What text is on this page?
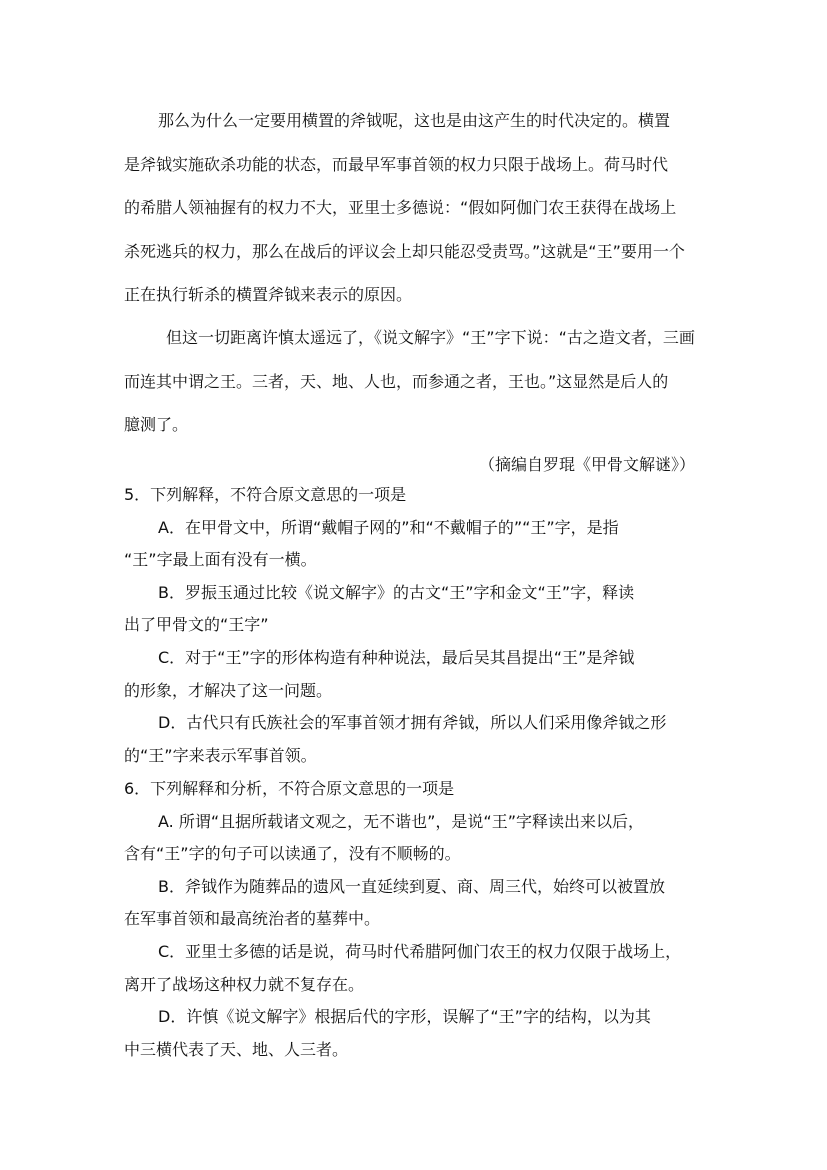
那么为什么一定要用横置的斧钺呢，这也是由这产生的时代决定的。横置
是斧钺实施砍杀功能的状态，而最早军事首领的权力只限于战场上。荷马时代
的希腊人领袖握有的权力不大，亚里士多德说：“假如阿伽门农王获得在战场上
杀死逃兵的权力，那么在战后的评议会上却只能忍受责骂。”这就是“王”要用一个
正在执行斩杀的横置斧钺来表示的原因。
但这一切距离许慎太遥远了，《说文解字》“王”字下说：“古之造文者，三画
而连其中谓之王。三者，天、地、人也，而参通之者，王也。”这显然是后人的
臆测了。
（摘编自罗琨《甲骨文解谜》）
5．下列解释，不符合原文意思的一项是
A．在甲骨文中，所谓“戴帽子网的”和“不戴帽子的”“王”字，是指
“王”字最上面有没有一横。
B．罗振玉通过比较《说文解字》的古文“王”字和金文“王”字，释读
出了甲骨文的“王字”
C．对于“王”字的形体构造有种种说法，最后吴其昌提出“王”是斧钺
的形象，才解决了这一问题。
D．古代只有氏族社会的军事首领才拥有斧钺，所以人们采用像斧钺之形
的“王”字来表示军事首领。
6．下列解释和分析，不符合原文意思的一项是
A. 所谓“且据所载诸文观之，无不谐也”，是说“王”字释读出来以后，
含有“王”字的句子可以读通了，没有不顺畅的。
B．斧钺作为随葬品的遗风一直延续到夏、商、周三代，始终可以被置放
在军事首领和最高统治者的墓葬中。
C．亚里士多德的话是说，荷马时代希腊阿伽门农王的权力仅限于战场上，
离开了战场这种权力就不复存在。
D．许慎《说文解字》根据后代的字形，误解了“王”字的结构，以为其
中三横代表了天、地、人三者。
